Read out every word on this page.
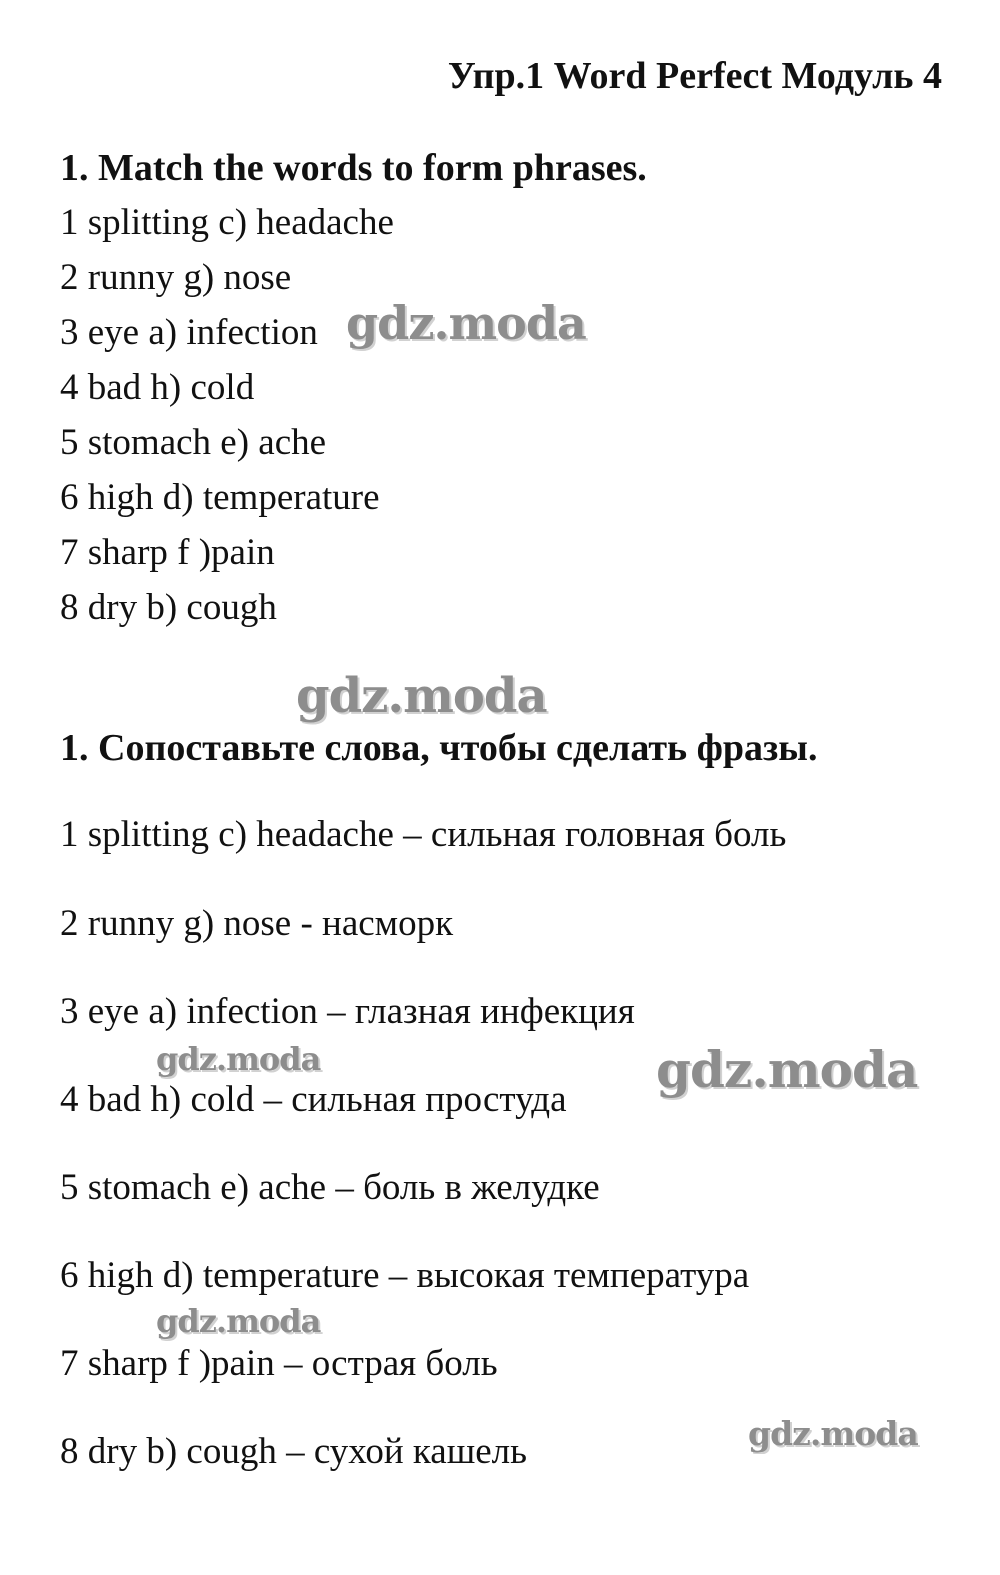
Упр.1 Word Perfect Модуль 4
1. Match the words to form phrases.
1 splitting c) headache
2 runny g) nose
3 eye a) infection
4 bad h) cold
5 stomach e) ache
6 high d) temperature
7 sharp f )pain
8 dry b) cough
1. Сопоставьте слова, чтобы сделать фразы.
1 splitting c) headache – сильная головная боль
2 runny g) nose - насморк
3 eye a) infection – глазная инфекция
4 bad h) cold – сильная простуда
5 stomach e) ache – боль в желудке
6 high d) temperature – высокая температура
7 sharp f )pain – острая боль
8 dry b) cough – сухой кашель
gdz.moda
gdz.moda
gdz.moda	gdz.moda
gdz.moda
gdz.moda
